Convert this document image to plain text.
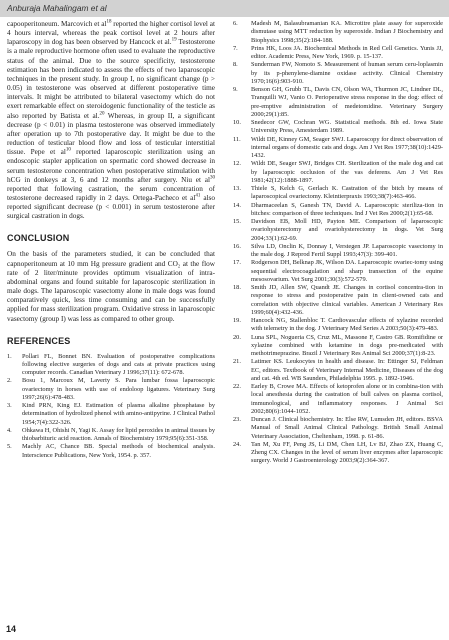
Anburaja Mahalingam et al

capooperitoneum. Marcovich et $al^{18}$ reported the higher cortisol level at 4 hours interval, whereas the peak cortisol level at 2 hours after laparoscopy in dog has been observed by Hancock et al.$^{19}$ Testosterone is a male reproductive hormone often used to evaluate the reproductive status of the animal. Due to the source specificity, testosterone estimation has been indicated to assess the effects of two laparoscopic techniques in the present study. In group I, no significant change (p > 0.05) in testosterone was observed at different postoperative time intervals. It might be attributed to bilateral vasectomy which do not exert remarkable effect on steroidogenic functionality of the testicle as also reported by Batista et al.$^{20}$ Whereas, in group II, a significant decrease (p < 0.01) in plasma testosterone was observed immediately after operation up to 7th postoperative day. It might be due to the reduction of testicular blood flow and loss of testicular interstitial tissue. Pepe et $al^{10}$ reported laparoscopic sterilization using an endoscopic stapler application on spermatic cord showed decrease in serum testosterone concentration when postoperative stimulation with hCG in donkeys at 3, 6 and 12 months after surgery. Niu et $al^{30}$ reported that following castration, the serum concentration of testosterone decreased rapidly in 2 days. Ortega-Pacheco et $al^{41}$ also reported significant decrease (p < 0.001) in serum testosterone after surgical castration in dogs.

CONCLUSION

On the basis of the parameters studied, it can be concluded that capnoperitoneum at 10 mm Hg pressure gradient and CO₂ at the flow rate of 2 liter/minute provides optimum visualization of intra-abdominal organs and found suitable for laparoscopic sterilization in male dogs. The laparoscopic vasectomy alone in male dogs was found comparatively quick, less time consuming and can be successfully applied for mass sterilization program. Oxidative stress in laparoscopic vasectomy (group I) was less as compared to other group.

REFERENCES
1. Pollari FL, Bonnet BN. Evaluation of postoperative complications following elective surgeries of dogs and cats at private practices using computer records. Canadian Veterinary J 1996;37(11): 672-678.
2. Bosu 1, Marcoux M, Laverty S. Para lumbar fossa laparoscopic ovariectomy in horses with use of endoloop ligatures. Veterinary Surg 1997;26(6):478-483.
3. Kind PRN, King EJ. Estimation of plasma alkaline phosphatase by determination of hydrolized phenol with amino-antipyrine. J Clinical Pathol 1954;7(4):322-326.
4. Ohkawa H, Ohishi N, Yagi K. Assay for lipid peroxides in animal tissues by thiobarbituric acid reaction. Annals of Biochemistry 1979;95(6):351-358.
5. Machly AC, Chance BB. Special methods of biochemical analysis. Interscience Publications, New York, 1954. p. 357.
6. Madesh M, Balasubramanian KA. Microtitre plate assay for superoxide dismutase using MTT reduction by superoxide. Indian J Biochemistry and Biophysics 1998;35(2):184-188.
7. Prins HK, Loos JA. Biochemical Methods in Red Cell Genetics. Yunis JJ, editor. Academic Press, New York, 1969. p. 15-137.
8. Sunderman FW, Nomoto S. Measurement of human serum ceru-loplasmin by its p-phenylene-diamine oxidase activity. Clinical Chemistry 1970;16(6):903-910.
9. Benson GH, Grubb TL, Davis CN, Olson WA, Thurmon JC, Lindner DL, Tranquilli WJ, Vanio O. Perioperative stress response in the dog: effect of pre-emptive administration of medetomidine. Veterinary Surgery 2000;29(1):85.
10. Snedecor GW, Cochran WG. Statistical methods. 8th ed. Iowa State University Press, Amesterdam 1989.
11. Wildt DE, Kinney GM, Seager SWJ. Laparoscopy for direct observation of internal organs of domestic cats and dogs. Am J Vet Res 1977;38(10):1429-1432.
12. Wildt DE, Seager SWJ, Bridges CH. Sterilization of the male dog and cat by laparoscopic occlusion of the vas deferens. Am J Vet Res 1981;42(12):1888-1897.
13. Thiele S, Kelch G, Gerlach K. Castration of the bitch by means of laparoscopical ovariectomy. Kleintierpraxis 1993;38(7):463-466.
14. Dharmaceelan S, Ganesh TN, David A. Laparoscopic steriliza-tion in bitches: comparison of three techniques. Ind J Vet Res 2000;2(1):65-68.
15. Davidson EB, Moll HD, Payton ME. Comparison of laparoscopic ovariohysterectomy and ovariohysterectomy in dogs. Vet Surg 2004;33(1):62-69.
16. Silva LD, Onclin K, Donnay I, Verstegen JP. Laparoscopic vasectomy in the male dog. J Reprod Fertil Suppl 1993;47(3): 399-401.
17. Rodgerson DH, Belknap JK, Wilson DA. Laparoscopic ovariec-tomy using sequential electrocoagulation and sharp transection of the equine mesosovarium. Vet Surg 2001;30(3):572-579.
18. Smith JD, Allen SW, Quandt JE. Changes in cortisol concentra-tion in response to stress and postoperative pain in client-owned cats and correlation with objective clinical variables. American J Veterinary Res 1999;60(4):432-436.
19. Hancock NG, Stallenbloc T. Cardiovascular effects of xylazine recorded with telemetry in the dog. J Veterinary Med Series A 2003;50(3):479-483.
20. Luna SPL, Nogueria CS, Cruz ML, Massone F, Castro GB. Romifidine or xylazine combined with ketamine in dogs pre-medicated with methotrimeprazine. Brazil J Veterinary Res Animal Sci 2000;37(1):8-23.
21. Latimer KS. Leukocytes in health and disease. In: Ettinger SJ, Feldman EC, editors. Textbook of Veterinary Internal Medicine, Diseases of the dog and cat. 4th ed. WB Saunders, Philadelphia 1995. p. 1892-1946.
22. Earley B, Crowe MA. Effects of ketoprofen alone or in combina-tion with local anesthesia during the castration of bull calves on plasma cortisol, immunological, and inflammatory responses. J Animal Sci 2002;80(6):1044-1052.
23. Duncan J. Clinical biochemistry. In: Else RW, Lumsden JH, editors. BSVA Manual of Small Animal Clinical Pathology. British Small Animal Veterinary Association, Cheltenham, 1998. p. 61-86.
24. Tan M, Xu FF, Peng JS, Li DM, Chen LH, Lv BJ, Zhao ZX, Huang C, Zheng CX. Changes in the level of serum liver enzymes after laparoscopic surgery. World J Gastroenterology 2003;9(2):364-367.
14
